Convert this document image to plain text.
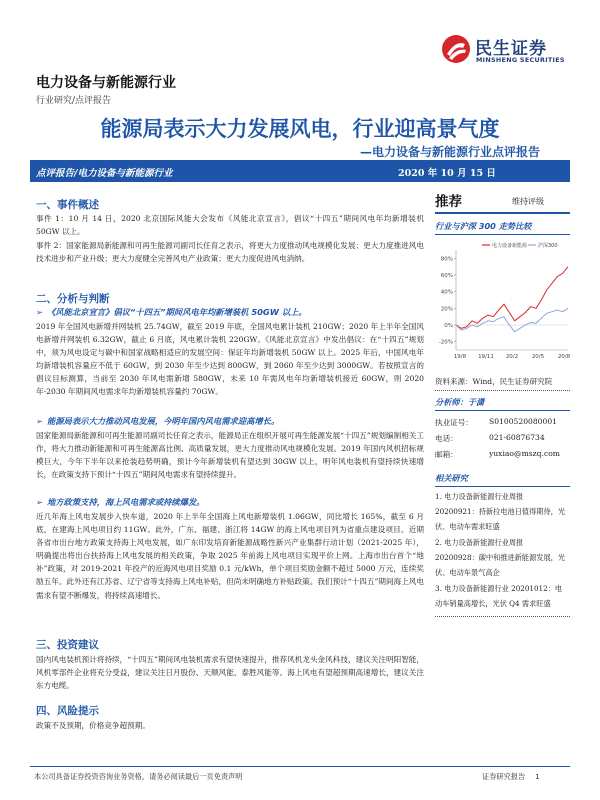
民生证券
MINSHENG SECURITIES
电力设备与新能源行业
行业研究/点评报告
能源局表示大力发展风电，行业迎高景气度
—电力设备与新能源行业点评报告
点评报告/电力设备与新能源行业	2020 年 10 月 15 日
一、事件概述
事件 1：10 月 14 日，2020 北京国际风能大会发布《风能北京宣言》，倡议“十四五”期间风电年均新增装机 50GW 以上。
事件 2：国家能源局新能源和可再生能源司副司长任育之表示，将更大力度推动风电规模化发展；更大力度推进风电技术进步和产业升级；更大力度健全完善风电产业政策；更大力度促进风电消纳。
二、分析与判断
➢ 《风能北京宣言》倡议“十四五”期间风电年均新增装机 50GW 以上。
2019 年全国风电新增并网装机 25.74GW，截至 2019 年底，全国风电累计装机 210GW；2020 年上半年全国风电新增并网装机 6.32GW，截止 6 月底，风电累计装机 220GW。《风能北京宣言》中发出倡议：在“十四五”规划中，须为风电设定与碳中和国家战略相适应的发展空间：保证年均新增装机 50GW 以上。2025 年后，中国风电年均新增装机容量应不低于 60GW，到 2030 年至少达到 800GW，到 2060 年至少达到 3000GW。若按照宣言的倡议目标测算，当前至 2030 年风电需新增 580GW，未来 10 年需风电年均新增装机接近 60GW，则 2020 年-2030 年期间风电需求年均新增装机容量约 70GW。
➢ 能源局表示大力推动风电发展，今明年国内风电需求迎高增长。
国家能源局新能源和可再生能源司副司长任育之表示，能源局正在组织开展可再生能源发展“十四五”规划编制相关工作，将大力推动新能源和可再生能源高比例、高质量发展，更大力度推动风电规模化发展。2019 年国内风机招标规模巨大，今年下半年以来抢装趋势明确，预计今年新增装机有望达到 30GW 以上，明年风电装机有望持续快速增长，在政策支持下预计“十四五”期间风电需求有望持续提升。
➢ 地方政策支持，海上风电需求或持续爆发。
近几年海上风电发展步入快车道，2020 年上半年全国海上风电新增装机 1.06GW，同比增长 165%，截至 6 月底，在建海上风电项目约 11GW。此外，广东、福建、浙江将 14GW 的海上风电项目列为省重点建设项目。近期各省市出台地方政策支持海上风电发展，如广东印发培育新能源战略性新兴产业集群行动计划（2021-2025 年），明确提出将出台扶持海上风电发展的相关政策，争取 2025 年前海上风电项目实现平价上网。上海市出台首个“地补”政策，对 2019-2021 年投产的近海风电项目奖励 0.1 元/kWh，单个项目奖励金额不超过 5000 万元，连续奖励五年。此外还有江苏省、辽宁省等支持海上风电补贴，但尚未明确地方补贴政策。我们预计“十四五”期间海上风电需求有望不断爆发，将持续高速增长。
三、投资建议
国内风电装机预计将持续，“十四五”期间风电装机需求有望快速提升，推荐风机龙头金风科技，建议关注明阳智能，风机零部件企业将充分受益，建议关注日月股份、天顺风能、泰胜风能等。海上风电有望超预期高速增长，建议关注东方电缆。
四、风险提示
政策不及预期，价格竞争超预期。
推荐	维持评级
行业与沪深 300 走势比较
80%
60%
40%
20%
0%
-20%
19/8 19/11 20/2 20/5 20/8
电力设备新能源 沪深300
资料来源：Wind，民生证券研究院
分析师：于潇
执业证号： S0100520080001
电话：	021-60876734
邮箱：	yuxiao@mszq.com
相关研究
1. 电力设备新能源行业周报 20200921：持新拉电池日值得期待，光伏、电动车需求旺盛
2. 电力设备新能源行业周报 20200928：碳中和推进新能源发展，光伏、电动车景气高企
3. 电力设备新能源行业 20201012：电动车销量高增长，光伏 Q4 需求旺盛
本公司具备证券投资咨询业务资格，请务必阅读最后一页免责声明	证券研究报告 1
